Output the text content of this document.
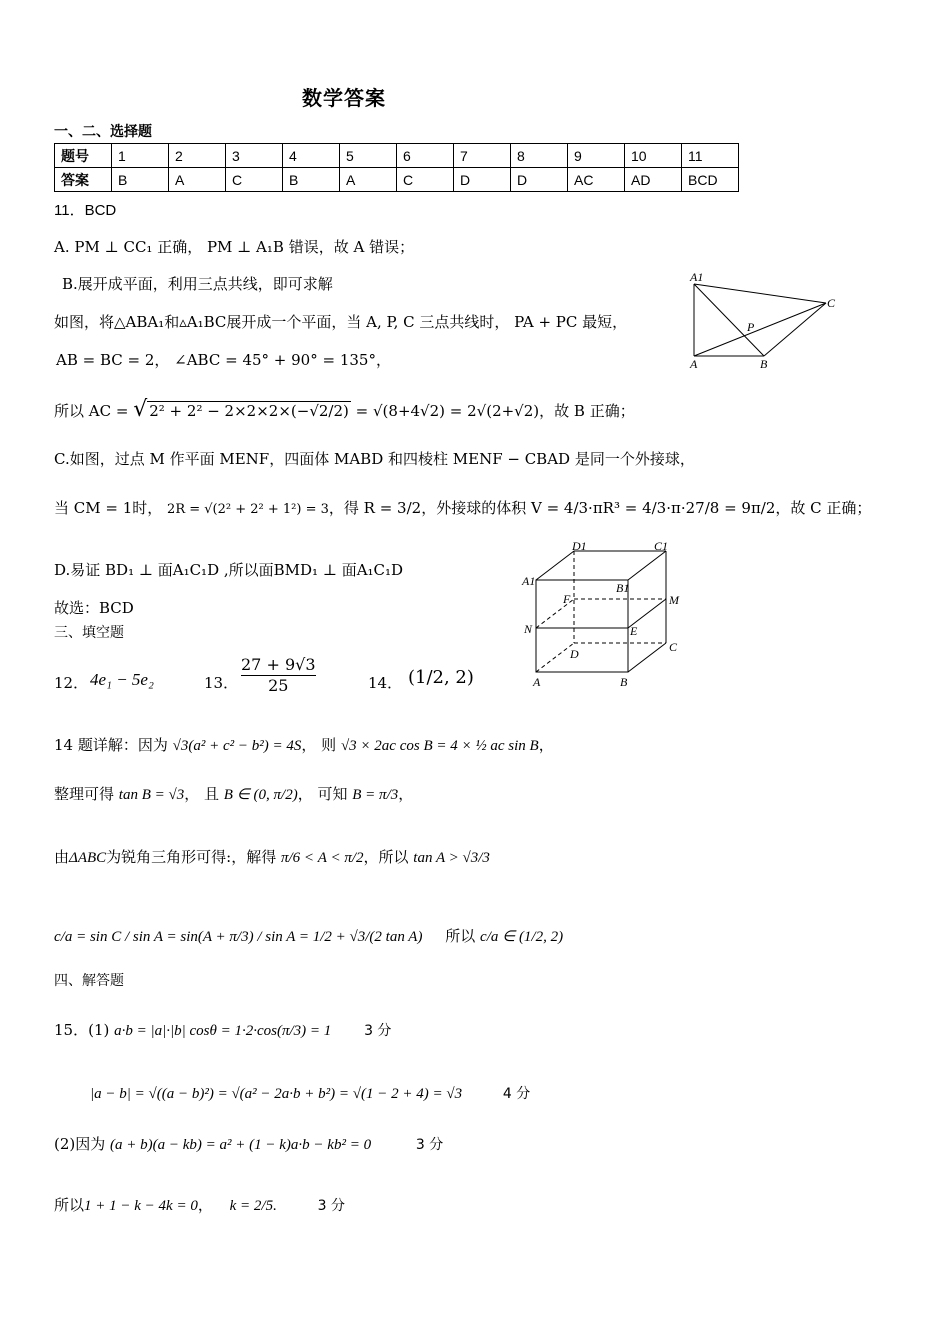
数学答案
一、二、选择题
题号	1	2	3	4	5	6	7	8	9	10	11
答案	B	A	C	B	A	C	D	D	AC	AD	BCD
11．BCD
A. PM ⊥ CC₁ 正确， PM ⊥ A₁B 错误，故 A 错误；
B.展开成平面，利用三点共线，即可求解
如图，将△ABA₁和▵A₁BC展开成一个平面，当 A, P, C 三点共线时， PA + PC 最短，
AB = BC = 2， ∠ABC = 45° + 90° = 135°，
所以 AC = √ 2² + 2² − 2×2×2×(−√2/2) = √(8+4√2) = 2√(2+√2)，故 B 正确；
A1
C
P
A	B
C.如图，过点 M 作平面 MENF，四面体 MABD 和四棱柱 MENF − CBAD 是同一个外接球，
当 CM = 1时， 2R = √(2² + 2² + 1²) = 3，得 R = 3/2，外接球的体积 V = 4/3·πR³ = 4/3·π·27/8 = 9π/2，故 C 正确；
D.易证 BD₁ ⊥ 面A₁C₁D ,所以面BMD₁ ⊥ 面A₁C₁D
故选：BCD
D1	C1
A1	B1
F	M
N	E
D	C
A	B
三、填空题
12． 4e₁ − 5e₂	13． $\frac{27 + 9√3}{25}$	14． (1/2, 2)
14 题详解：因为 √3(a² + c² − b²) = 4S， 则 √3 × 2ac cos B = 4 × ½ ac sin B，
整理可得 tan B = √3， 且 B ∈ (0, π/2)， 可知 B = π/3，
由ΔABC为锐角三角形可得:，解得 π/6 < A < π/2，所以 tan A > √3/3
c/a = sin C / sin A = sin(A + π/3) / sin A = 1/2 + √3/(2 tan A) 所以 c/a ∈ (1/2, 2)
四、解答题
15．(1) a·b = |a|·|b| cosθ = 1·2·cos(π/3) = 1 3 分
|a − b| = √((a − b)²) = √(a² − 2a·b + b²) = √(1 − 2 + 4) = √3	4 分
(2)因为 (a + b)(a − kb) = a² + (1 − k)a·b − kb² = 0	3 分
所以1 + 1 − k − 4k = 0， k = 2/5.	3 分
